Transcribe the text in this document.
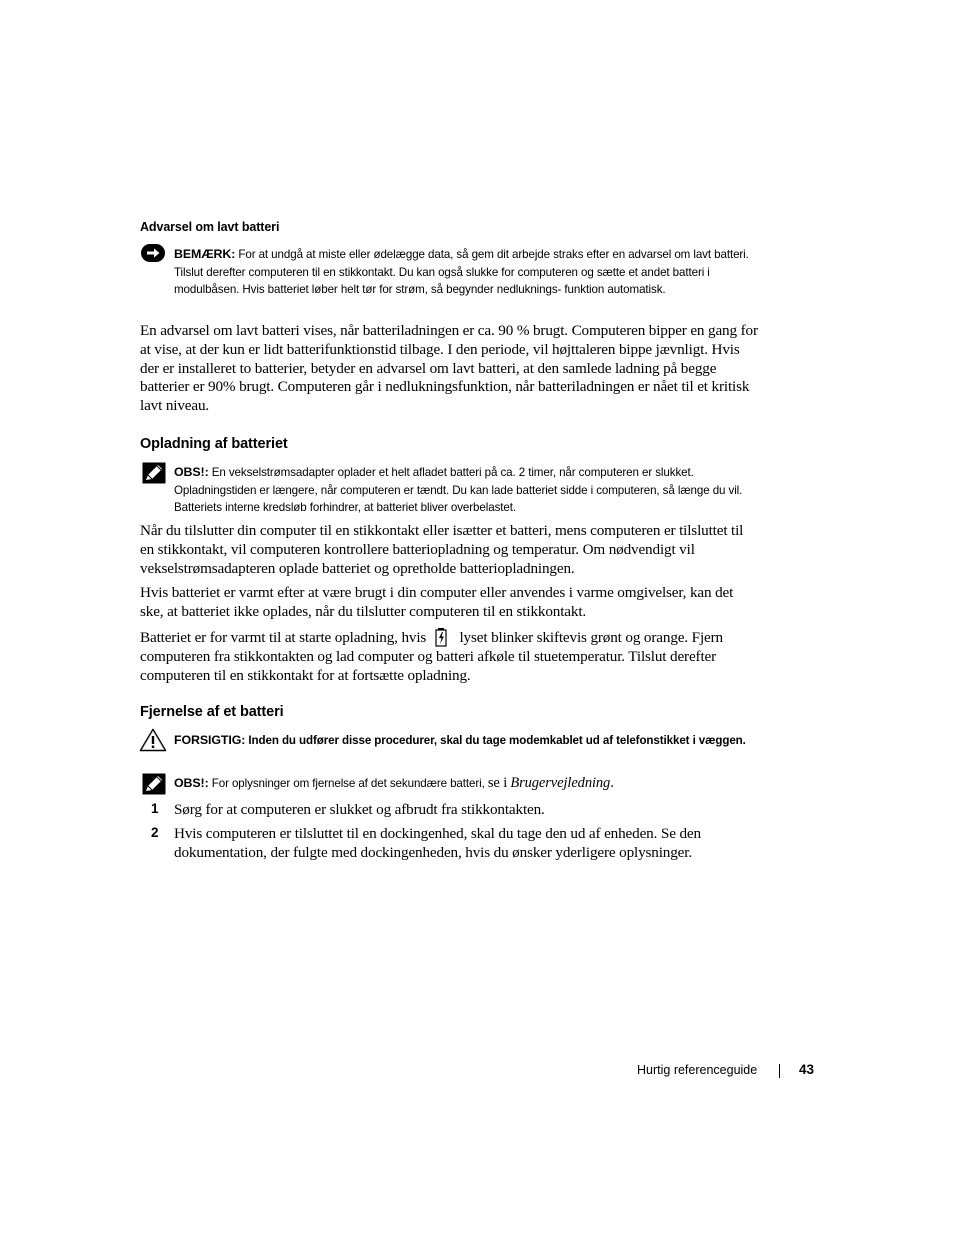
Advarsel om lavt batteri
BEMÆRK: For at undgå at miste eller ødelægge data, så gem dit arbejde straks efter en advarsel om lavt batteri. Tilslut derefter computeren til en stikkontakt. Du kan også slukke for computeren og sætte et andet batteri i modulbåsen. Hvis batteriet løber helt tør for strøm, så begynder nedluknings- funktion automatisk.

En advarsel om lavt batteri vises, når batteriladningen er ca. 90 % brugt. Computeren bipper en gang for at vise, at der kun er lidt batterifunktionstid tilbage. I den periode, vil højttaleren bippe jævnligt. Hvis der er installeret to batterier, betyder en advarsel om lavt batteri, at den samlede ladning på begge batterier er 90% brugt. Computeren går i nedlukningsfunktion, når batteriladningen er nået til et kritisk lavt niveau.

Opladning af batteriet
OBS!: En vekselstrømsadapter oplader et helt afladet batteri på ca. 2 timer, når computeren er slukket. Opladningstiden er længere, når computeren er tændt. Du kan lade batteriet sidde i computeren, så længe du vil. Batteriets interne kredsløb forhindrer, at batteriet bliver overbelastet.

Når du tilslutter din computer til en stikkontakt eller isætter et batteri, mens computeren er tilsluttet til en stikkontakt, vil computeren kontrollere batteriopladning og temperatur. Om nødvendigt vil vekselstrømsadapteren oplade batteriet og opretholde batteriopladningen.

Hvis batteriet er varmt efter at være brugt i din computer eller anvendes i varme omgivelser, kan det ske, at batteriet ikke oplades, når du tilslutter computeren til en stikkontakt.

Batteriet er for varmt til at starte opladning, hvis lyset blinker skiftevis grønt og orange. Fjern computeren fra stikkontakten og lad computer og batteri afkøle til stuetemperatur. Tilslut derefter computeren til en stikkontakt for at fortsætte opladning.

Fjernelse af et batteri
FORSIGTIG: Inden du udfører disse procedurer, skal du tage modemkablet ud af telefonstikket i væggen.
OBS!: For oplysninger om fjernelse af det sekundære batteri, se i Brugervejledning.
1 Sørg for at computeren er slukket og afbrudt fra stikkontakten.

2 Hvis computeren er tilsluttet til en dockingenhed, skal du tage den ud af enheden. Se den dokumentation, der fulgte med dockingenheden, hvis du ønsker yderligere oplysninger.

Hurtig referenceguide	43
